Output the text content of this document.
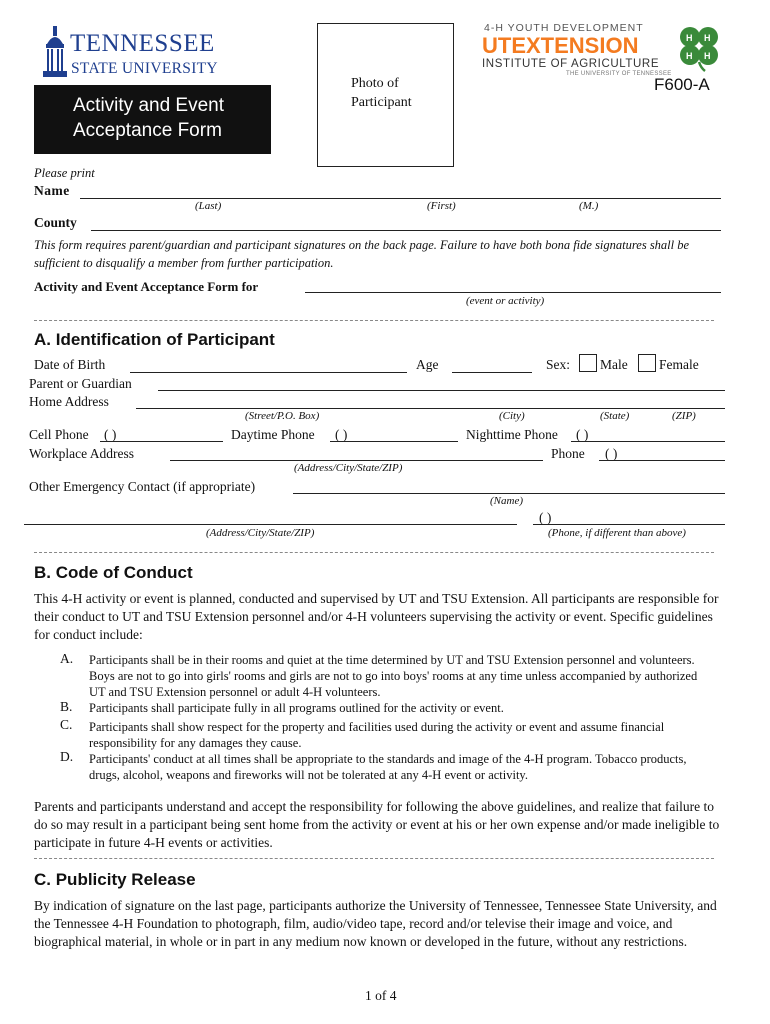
TENNESSEE
STATE UNIVERSITY
Activity and Event
Acceptance Form
Photo of
Participant
4-H YOUTH DEVELOPMENT
UTEXTENSION
INSTITUTE OF AGRICULTURE
THE UNIVERSITY OF TENNESSEE
H H
H H
F600-A
Please print
Name
(Last)	(First)	(M.)
County
This form requires parent/guardian and participant signatures on the back page. Failure to have both bona fide signatures shall be sufficient to disqualify a member from further participation.
Activity and Event Acceptance Form for
(event or activity)
A. Identification of Participant
Date of Birth	Age	Sex: Male Female
Parent or Guardian
Home Address
(Street/P.O. Box)	(City)	(State)	(ZIP)
Cell Phone ( )	Daytime Phone ( )	Nighttime Phone ( )
Workplace Address	Phone ( )
(Address/City/State/ZIP)
Other Emergency Contact (if appropriate)
(Name)
( )
(Address/City/State/ZIP)	(Phone, if different than above)
B. Code of Conduct
This 4-H activity or event is planned, conducted and supervised by UT and TSU Extension. All participants are responsible for their conduct to UT and TSU Extension personnel and/or 4-H volunteers supervising the activity or event. Specific guidelines for conduct include:
A. Participants shall be in their rooms and quiet at the time determined by UT and TSU Extension personnel and volunteers. Boys are not to go into girls' rooms and girls are not to go into boys' rooms at any time unless accompanied by authorized UT and TSU Extension personnel or adult 4-H volunteers.
B. Participants shall participate fully in all programs outlined for the activity or event.
C. Participants shall show respect for the property and facilities used during the activity or event and assume financial responsibility for any damages they cause.
D. Participants' conduct at all times shall be appropriate to the standards and image of the 4-H program. Tobacco products, drugs, alcohol, weapons and fireworks will not be tolerated at any 4-H event or activity.
Parents and participants understand and accept the responsibility for following the above guidelines, and realize that failure to do so may result in a participant being sent home from the activity or event at his or her own expense and/or made ineligible to participate in future 4-H events or activities.
C. Publicity Release
By indication of signature on the last page, participants authorize the University of Tennessee, Tennessee State University, and the Tennessee 4-H Foundation to photograph, film, audio/video tape, record and/or televise their image and voice, and biographical material, in whole or in part in any medium now known or developed in the future, without any restrictions.
1 of 4
